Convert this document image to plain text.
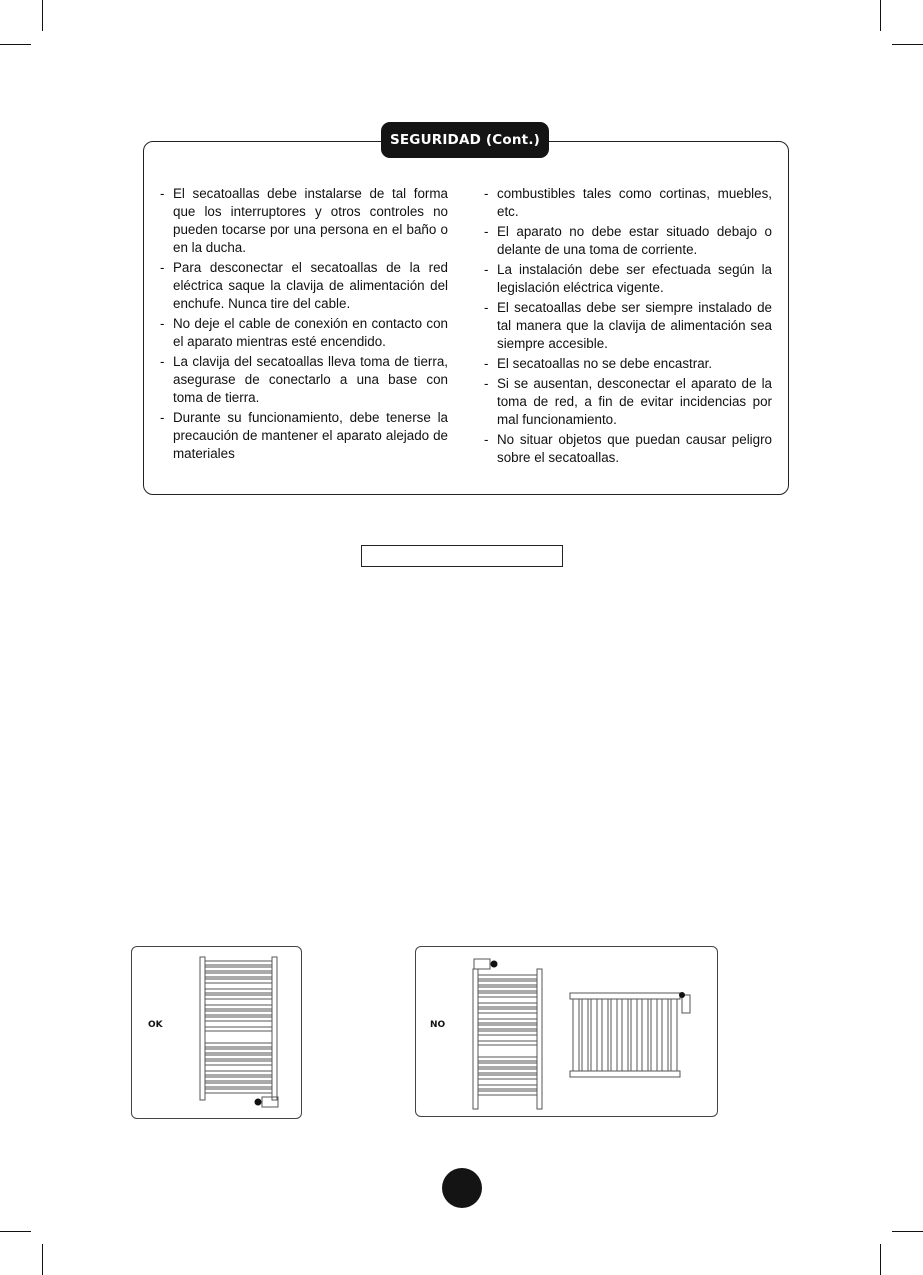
SEGURIDAD (Cont.)
- El secatoallas debe instalarse de tal forma que los interruptores y otros controles no pueden tocarse por una persona en el baño o en la ducha.
- Para desconectar el secatoallas de la red eléctrica saque la clavija de alimentación del enchufe. Nunca tire del cable.
- No deje el cable de conexión en contacto con el aparato mientras esté encendido.
- La clavija del secatoallas lleva toma de tierra, asegurase de conectarlo a una base con toma de tierra.
- Durante su funcionamiento, debe tenerse la precaución de mantener el aparato alejado de materiales
- combustibles tales como cortinas, muebles, etc.
- El aparato no debe estar situado debajo o delante de una toma de corriente.
- La instalación debe ser efectuada según la legislación eléctrica vigente.
- El secatoallas debe ser siempre instalado de tal manera que la clavija de alimentación sea siempre accesible.
- El secatoallas no se debe encastrar.
- Si se ausentan, desconectar el aparato de la toma de red, a fin de evitar incidencias por mal funcionamiento.
- No situar objetos que puedan causar peligro sobre el secatoallas.
OK	NO
